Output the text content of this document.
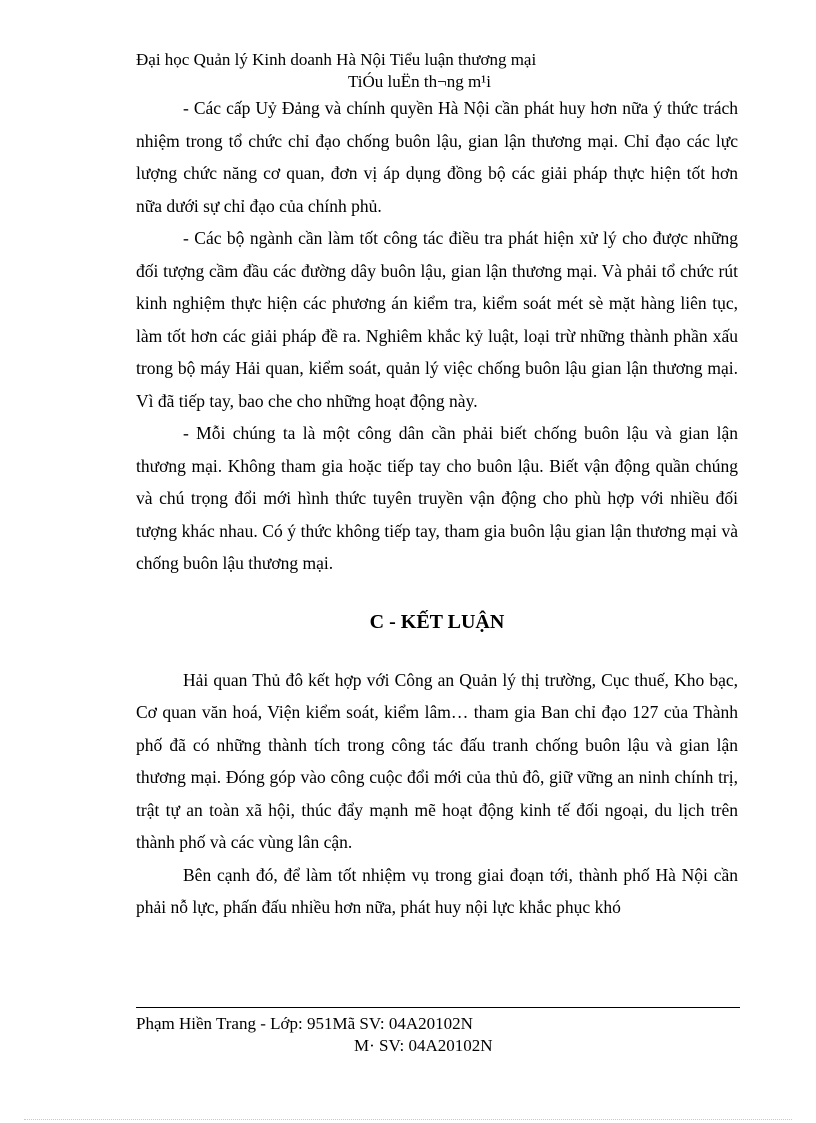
Đại học Quản lý Kinh doanh Hà Nội Tiểu luận thương mại
TiÓu luËn th¬ng m¹i

- Các cấp Uỷ Đảng và chính quyền Hà Nội cần phát huy hơn nữa ý thức trách nhiệm trong tổ chức chỉ đạo chống buôn lậu, gian lận thương mại. Chỉ đạo các lực lượng chức năng cơ quan, đơn vị áp dụng đồng bộ các giải pháp thực hiện tốt hơn nữa dưới sự chỉ đạo của chính phủ.

- Các bộ ngành cần làm tốt công tác điều tra phát hiện xử lý cho được những đối tượng cầm đầu các đường dây buôn lậu, gian lận thương mại. Và phải tổ chức rút kinh nghiệm thực hiện các phương án kiểm tra, kiểm soát mét sè mặt hàng liên tục, làm tốt hơn các giải pháp đề ra. Nghiêm khắc kỷ luật, loại trừ những thành phần xấu trong bộ máy Hải quan, kiểm soát, quản lý việc chống buôn lậu gian lận thương mại. Vì đã tiếp tay, bao che cho những hoạt động này.

- Mỗi chúng ta là một công dân cần phải biết chống buôn lậu và gian lận thương mại. Không tham gia hoặc tiếp tay cho buôn lậu. Biết vận động quần chúng và chú trọng đổi mới hình thức tuyên truyền vận động cho phù hợp với nhiều đối tượng khác nhau. Có ý thức không tiếp tay, tham gia buôn lậu gian lận thương mại và chống buôn lậu thương mại.

C - KẾT LUẬN

Hải quan Thủ đô kết hợp với Công an Quản lý thị trường, Cục thuế, Kho bạc, Cơ quan văn hoá, Viện kiểm soát, kiểm lâm… tham gia Ban chỉ đạo 127 của Thành phố đã có những thành tích trong công tác đấu tranh chống buôn lậu và gian lận thương mại. Đóng góp vào công cuộc đổi mới của thủ đô, giữ vững an ninh chính trị, trật tự an toàn xã hội, thúc đẩy mạnh mẽ hoạt động kinh tế đối ngoại, du lịch trên thành phố và các vùng lân cận.

Bên cạnh đó, để làm tốt nhiệm vụ trong giai đoạn tới, thành phố Hà Nội cần phải nỗ lực, phấn đấu nhiều hơn nữa, phát huy nội lực khắc phục khó

Phạm Hiền Trang - Lớp: 951Mã SV: 04A20102N
M· SV: 04A20102N
